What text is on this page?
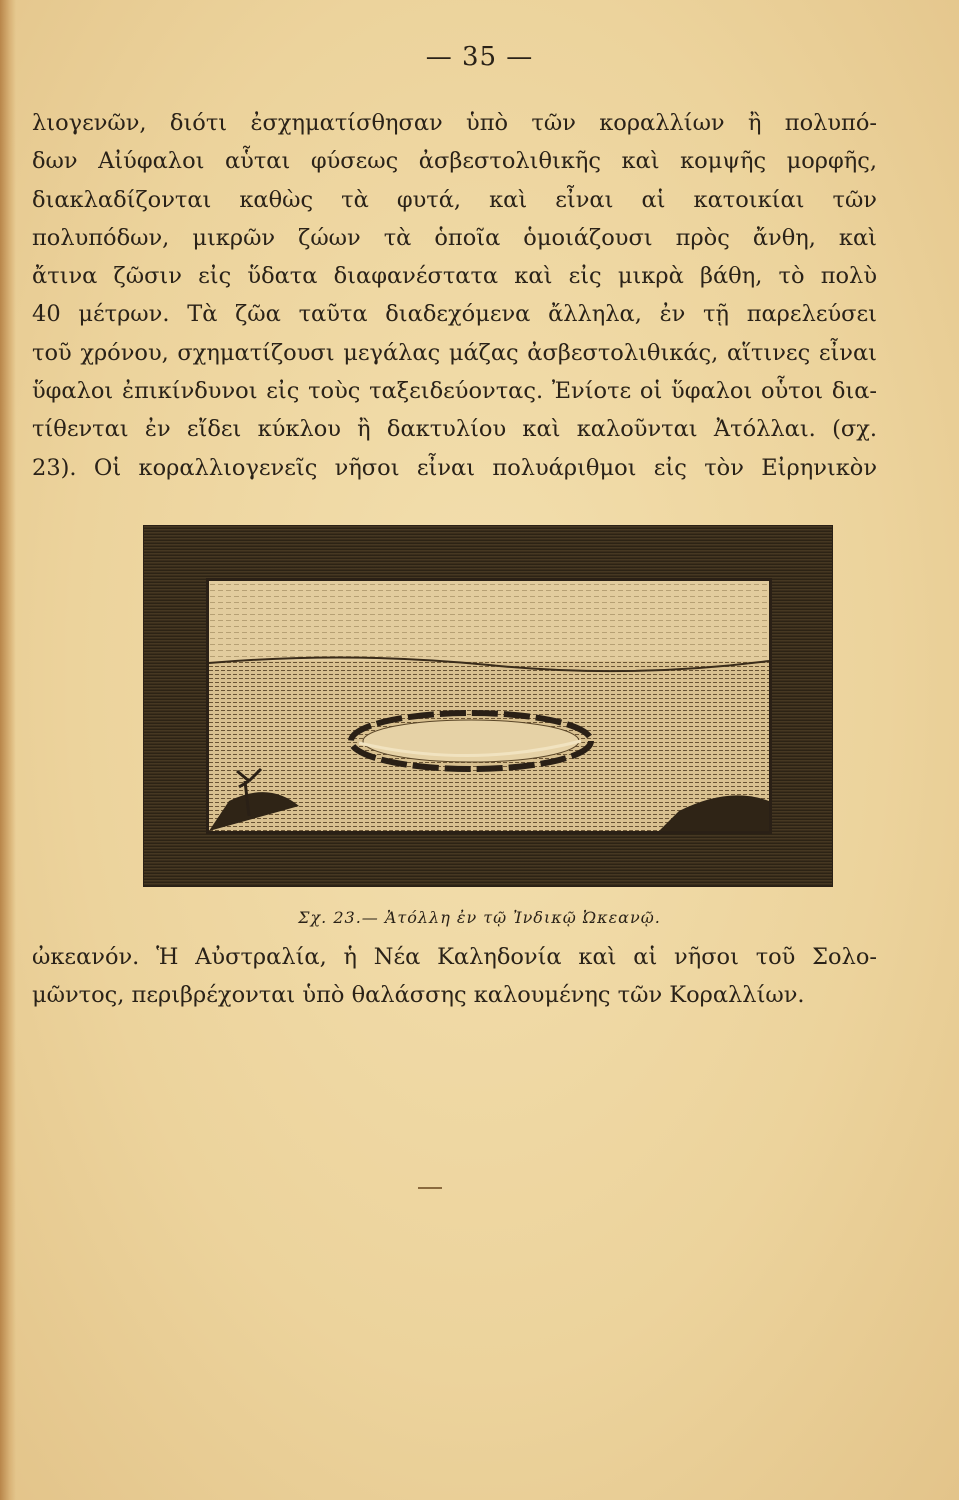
— 35 —
λιογενῶν, διότι ἐσχηματίσθησαν ὑπὸ τῶν κοραλλίων ἢ πολυπό-
δων Αἰύφαλοι αὗται φύσεως ἀσβεστολιθικῆς καὶ κομψῆς μορφῆς,
διακλαδίζονται καθὼς τὰ φυτά, καὶ εἶναι αἱ κατοικίαι τῶν
πολυπόδων, μικρῶν ζώων τὰ ὁποῖα ὁμοιάζουσι πρὸς ἄνθη, καὶ
ἄτινα ζῶσιν εἰς ὕδατα διαφανέστατα καὶ εἰς μικρὰ βάθη, τὸ πολὺ
40 μέτρων. Τὰ ζῶα ταῦτα διαδεχόμενα ἄλληλα, ἐν τῇ παρελεύσει
τοῦ χρόνου, σχηματίζουσι μεγάλας μάζας ἀσβεστολιθικάς, αἵτινες εἶναι
ὕφαλοι ἐπικίνδυνοι εἰς τοὺς ταξειδεύοντας. Ἐνίοτε οἱ ὕφαλοι οὗτοι δια-
τίθενται ἐν εἴδει κύκλου ἢ δακτυλίου καὶ καλοῦνται Ἀτόλλαι. (σχ.
23). Οἱ κοραλλιογενεῖς νῆσοι εἶναι πολυάριθμοι εἰς τὸν Εἰρηνικὸν
Σχ. 23.— Ἀτόλλη ἐν τῷ Ἰνδικῷ Ὠκεανῷ.
ὠκεανόν. Ἡ Αὐστραλία, ἡ Νέα Καληδονία καὶ αἱ νῆσοι τοῦ Σολο-
μῶντος, περιβρέχονται ὑπὸ θαλάσσης καλουμένης τῶν Κοραλλίων.
